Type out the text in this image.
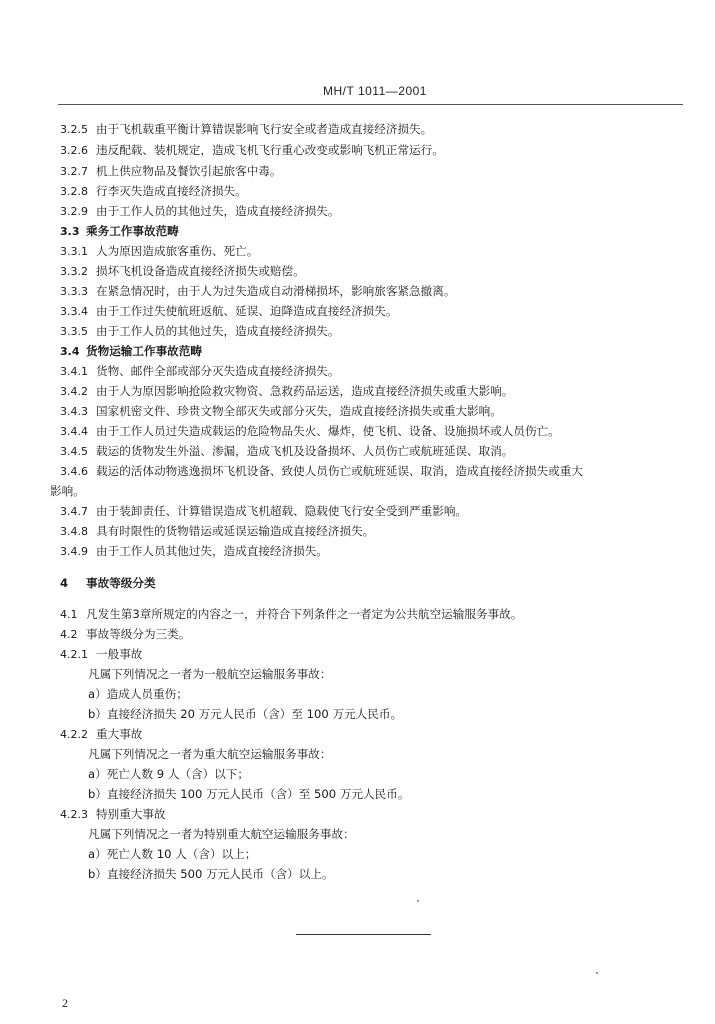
MH/T 1011—2001
3.2.5 由于飞机载重平衡计算错误影响飞行安全或者造成直接经济损失。
3.2.6 违反配载、装机规定，造成飞机飞行重心改变或影响飞机正常运行。
3.2.7 机上供应物品及餐饮引起旅客中毒。
3.2.8 行李灭失造成直接经济损失。
3.2.9 由于工作人员的其他过失，造成直接经济损失。
3.3 乘务工作事故范畴
3.3.1 人为原因造成旅客重伤、死亡。
3.3.2 损坏飞机设备造成直接经济损失或赔偿。
3.3.3 在紧急情况时，由于人为过失造成自动滑梯损坏，影响旅客紧急撤离。
3.3.4 由于工作过失使航班返航、延误、迫降造成直接经济损失。
3.3.5 由于工作人员的其他过失，造成直接经济损失。
3.4 货物运输工作事故范畴
3.4.1 货物、邮件全部或部分灭失造成直接经济损失。
3.4.2 由于人为原因影响抢险救灾物资、急救药品运送，造成直接经济损失或重大影响。
3.4.3 国家机密文件、珍贵文物全部灭失或部分灭失，造成直接经济损失或重大影响。
3.4.4 由于工作人员过失造成载运的危险物品失火、爆炸，使飞机、设备、设施损坏或人员伤亡。
3.4.5 载运的货物发生外溢、渗漏，造成飞机及设备损坏、人员伤亡或航班延误、取消。
3.4.6 载运的活体动物逃逸损坏飞机设备、致使人员伤亡或航班延误、取消，造成直接经济损失或重大
影响。
3.4.7 由于装卸责任、计算错误造成飞机超载、隐载使飞行安全受到严重影响。
3.4.8 具有时限性的货物错运或延误运输造成直接经济损失。
3.4.9 由于工作人员其他过失，造成直接经济损失。
4 事故等级分类
4.1 凡发生第3章所规定的内容之一，并符合下列条件之一者定为公共航空运输服务事故。
4.2 事故等级分为三类。
4.2.1 一般事故
凡属下列情况之一者为一般航空运输服务事故：
a）造成人员重伤；
b）直接经济损失 20 万元人民币（含）至 100 万元人民币。
4.2.2 重大事故
凡属下列情况之一者为重大航空运输服务事故：
a）死亡人数 9 人（含）以下；
b）直接经济损失 100 万元人民币（含）至 500 万元人民币。
4.2.3 特别重大事故
凡属下列情况之一者为特别重大航空运输服务事故：
a）死亡人数 10 人（含）以上；
b）直接经济损失 500 万元人民币（含）以上。
2
